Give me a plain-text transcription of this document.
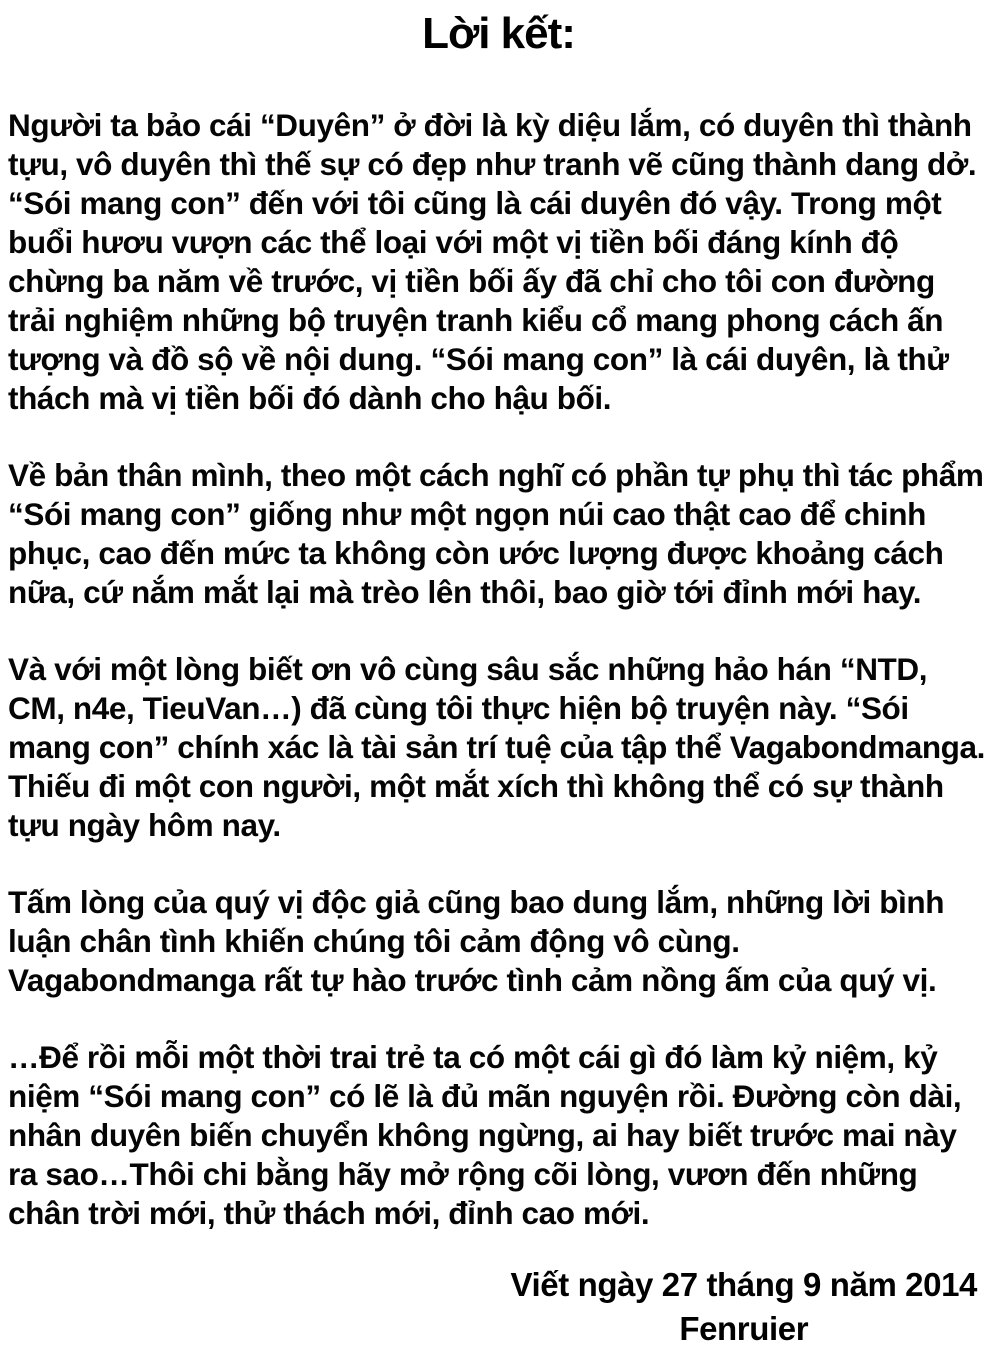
Lời kết:

Người ta bảo cái “Duyên” ở đời là kỳ diệu lắm, có duyên thì thành tựu, vô duyên thì thế sự có đẹp như tranh vẽ cũng thành dang dở. “Sói mang con” đến với tôi cũng là cái duyên đó vậy. Trong một buổi hươu vượn các thể loại với một vị tiền bối đáng kính độ chừng ba năm về trước, vị tiền bối ấy đã chỉ cho tôi con đường trải nghiệm những bộ truyện tranh kiểu cổ mang phong cách ấn tượng và đồ sộ về nội dung. “Sói mang con” là cái duyên, là thử thách mà vị tiền bối đó dành cho hậu bối.

Về bản thân mình, theo một cách nghĩ có phần tự phụ thì tác phẩm “Sói mang con” giống như một ngọn núi cao thật cao để chinh phục, cao đến mức ta không còn ước lượng được khoảng cách nữa, cứ nắm mắt lại mà trèo lên thôi, bao giờ tới đỉnh mới hay.

Và với một lòng biết ơn vô cùng sâu sắc những hảo hán “NTD, CM, n4e, TieuVan…) đã cùng tôi thực hiện bộ truyện này. “Sói mang con” chính xác là tài sản trí tuệ của tập thể Vagabondmanga. Thiếu đi một con người, một mắt xích thì không thể có sự thành tựu ngày hôm nay.

Tấm lòng của quý vị độc giả cũng bao dung lắm, những lời bình luận chân tình khiến chúng tôi cảm động vô cùng. Vagabondmanga rất tự hào trước tình cảm nồng ấm của quý vị.

…Để rồi mỗi một thời trai trẻ ta có một cái gì đó làm kỷ niệm, kỷ niệm “Sói mang con” có lẽ là đủ mãn nguyện rồi. Đường còn dài, nhân duyên biến chuyển không ngừng, ai hay biết trước mai này ra sao…Thôi chi bằng hãy mở rộng cõi lòng, vươn đến những chân trời mới, thử thách mới, đỉnh cao mới.

Viết ngày 27 tháng 9 năm 2014
Fenruier
